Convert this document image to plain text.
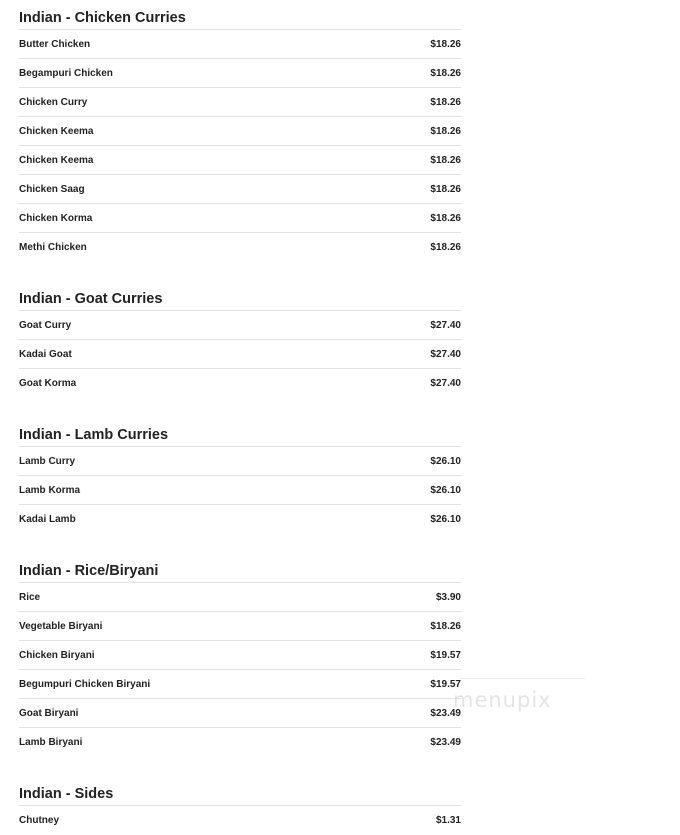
Indian - Chicken Curries
Butter Chicken	$18.26
Begampuri Chicken	$18.26
Chicken Curry	$18.26
Chicken Keema	$18.26
Chicken Keema	$18.26
Chicken Saag	$18.26
Chicken Korma	$18.26
Methi Chicken	$18.26
Indian - Goat Curries
Goat Curry	$27.40
Kadai Goat	$27.40
Goat Korma	$27.40
Indian - Lamb Curries
Lamb Curry	$26.10
Lamb Korma	$26.10
Kadai Lamb	$26.10
Indian - Rice/Biryani
Rice	$3.90
Vegetable Biryani	$18.26
Chicken Biryani	$19.57
Begumpuri Chicken Biryani	$19.57
Goat Biryani	$23.49
Lamb Biryani	$23.49
Indian - Sides
Chutney	$1.31
menupix
